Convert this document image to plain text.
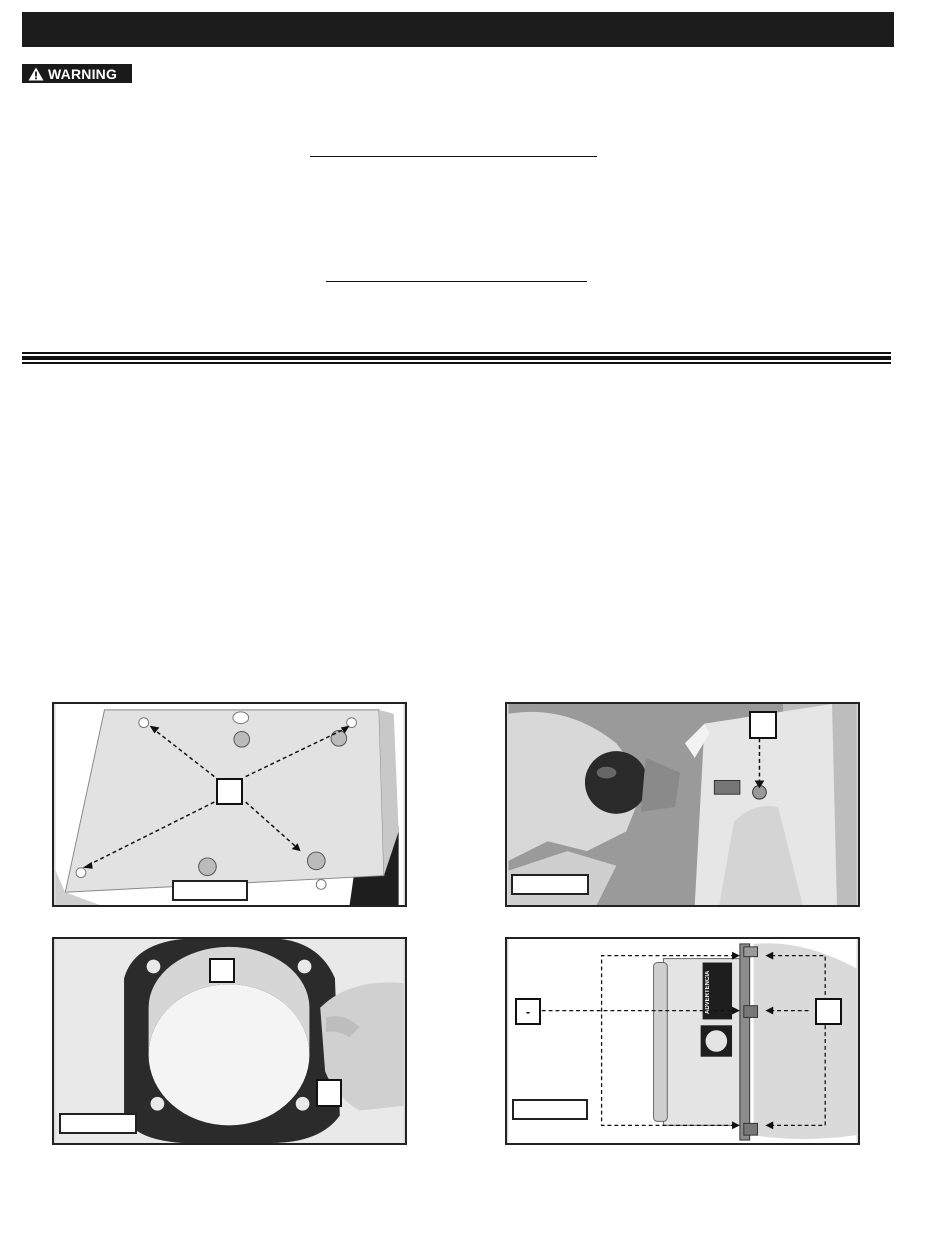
WARNING
ADVERTENCIA
-
